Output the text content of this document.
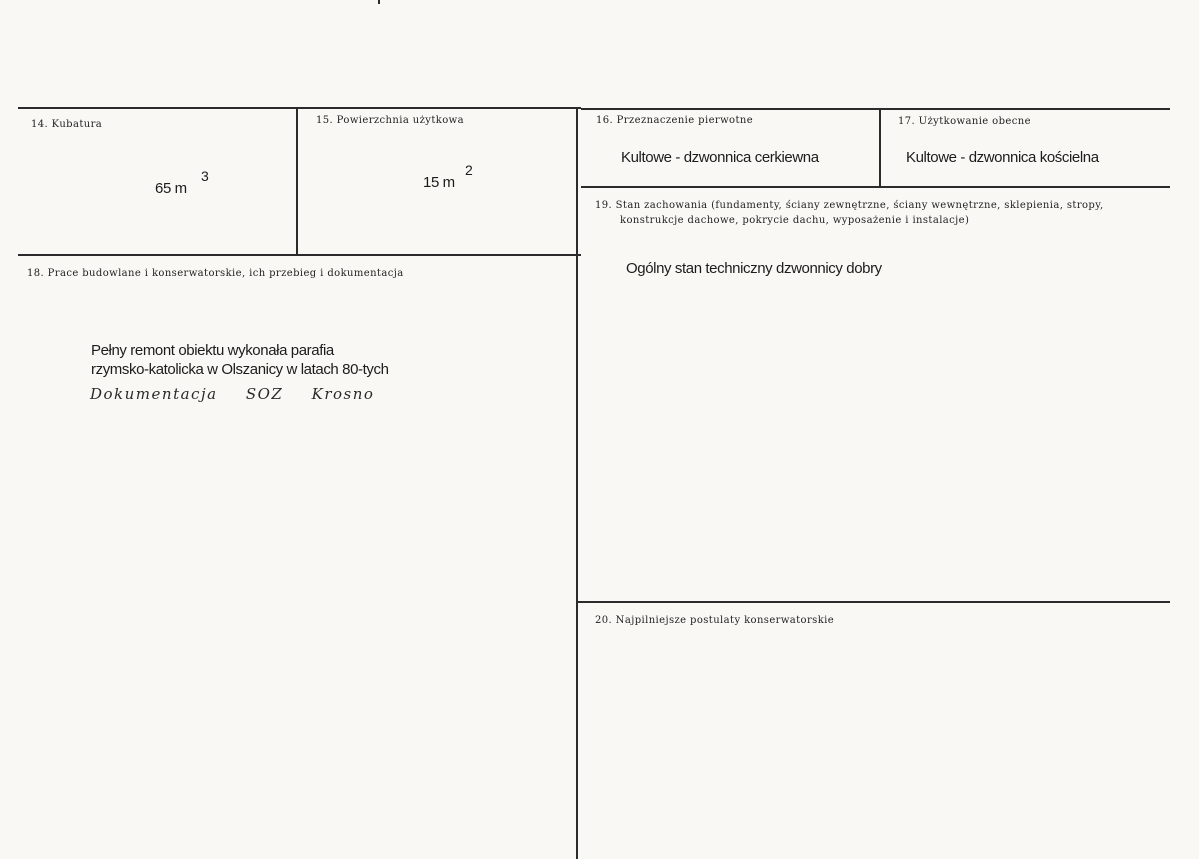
14. Kubatura
65 m
3
15. Powierzchnia użytkowa
15 m
2
16. Przeznaczenie pierwotne
Kultowe - dzwonnica cerkiewna
17. Użytkowanie obecne
Kultowe - dzwonnica kościelna
19. Stan zachowania (fundamenty, ściany zewnętrzne, ściany wewnętrzne, sklepienia, stropy,
konstrukcje dachowe, pokrycie dachu, wyposażenie i instalacje)
Ogólny stan techniczny dzwonnicy dobry
18. Prace budowlane i konserwatorskie, ich przebieg i dokumentacja
Pełny remont obiektu wykonała parafia
rzymsko-katolicka w Olszanicy w latach 80-tych
Dokumentacja SOZ Krosno
20. Najpilniejsze postulaty konserwatorskie
